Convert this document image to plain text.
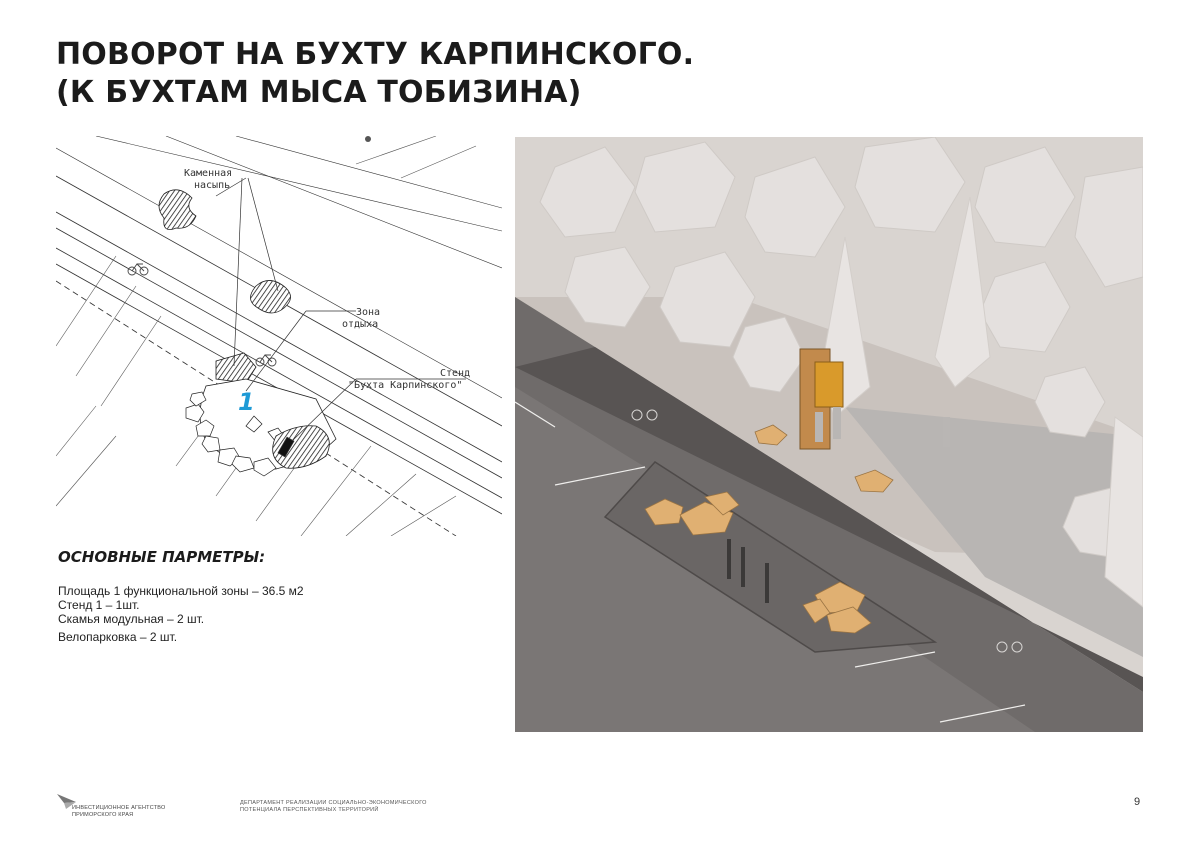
ПОВОРОТ НА БУХТУ КАРПИНСКОГО.
(К БУХТАМ МЫСА ТОБИЗИНА)
Каменная
насыпь
Зона
отдыха
Стенд
"Бухта Карпинского"
1
ОСНОВНЫЕ ПАРМЕТРЫ:
Площадь 1 функциональной зоны – 36.5 м2
Стенд 1 – 1шт.
Скамья модульная – 2 шт.
Велопарковка – 2 шт.
ИНВЕСТИЦИОННОЕ АГЕНТСТВО
ПРИМОРСКОГО КРАЯ
ДЕПАРТАМЕНТ РЕАЛИЗАЦИИ СОЦИАЛЬНО-ЭКОНОМИЧЕСКОГО
ПОТЕНЦИАЛА ПЕРСПЕКТИВНЫХ ТЕРРИТОРИЙ
9
